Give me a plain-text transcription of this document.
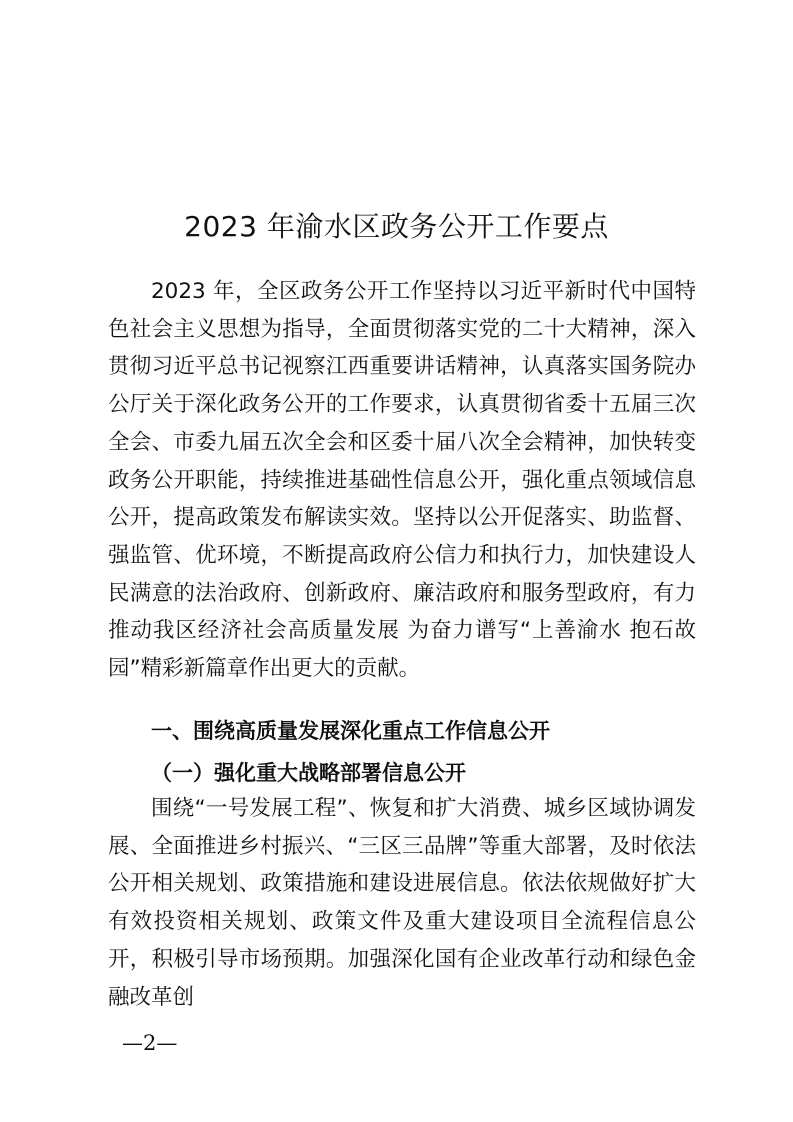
2023 年渝水区政务公开工作要点

2023 年，全区政务公开工作坚持以习近平新时代中国特色社会主义思想为指导，全面贯彻落实党的二十大精神，深入贯彻习近平总书记视察江西重要讲话精神，认真落实国务院办公厅关于深化政务公开的工作要求，认真贯彻省委十五届三次全会、市委九届五次全会和区委十届八次全会精神，加快转变政务公开职能，持续推进基础性信息公开，强化重点领域信息公开，提高政策发布解读实效。坚持以公开促落实、助监督、强监管、优环境，不断提高政府公信力和执行力，加快建设人民满意的法治政府、创新政府、廉洁政府和服务型政府，有力推动我区经济社会高质量发展 为奋力谱写“上善渝水 抱石故园”精彩新篇章作出更大的贡献。

一、围绕高质量发展深化重点工作信息公开
（一）强化重大战略部署信息公开

围绕“一号发展工程”、恢复和扩大消费、城乡区域协调发展、全面推进乡村振兴、“三区三品牌”等重大部署，及时依法公开相关规划、政策措施和建设进展信息。依法依规做好扩大有效投资相关规划、政策文件及重大建设项目全流程信息公开，积极引导市场预期。加强深化国有企业改革行动和绿色金融改革创

—2—
